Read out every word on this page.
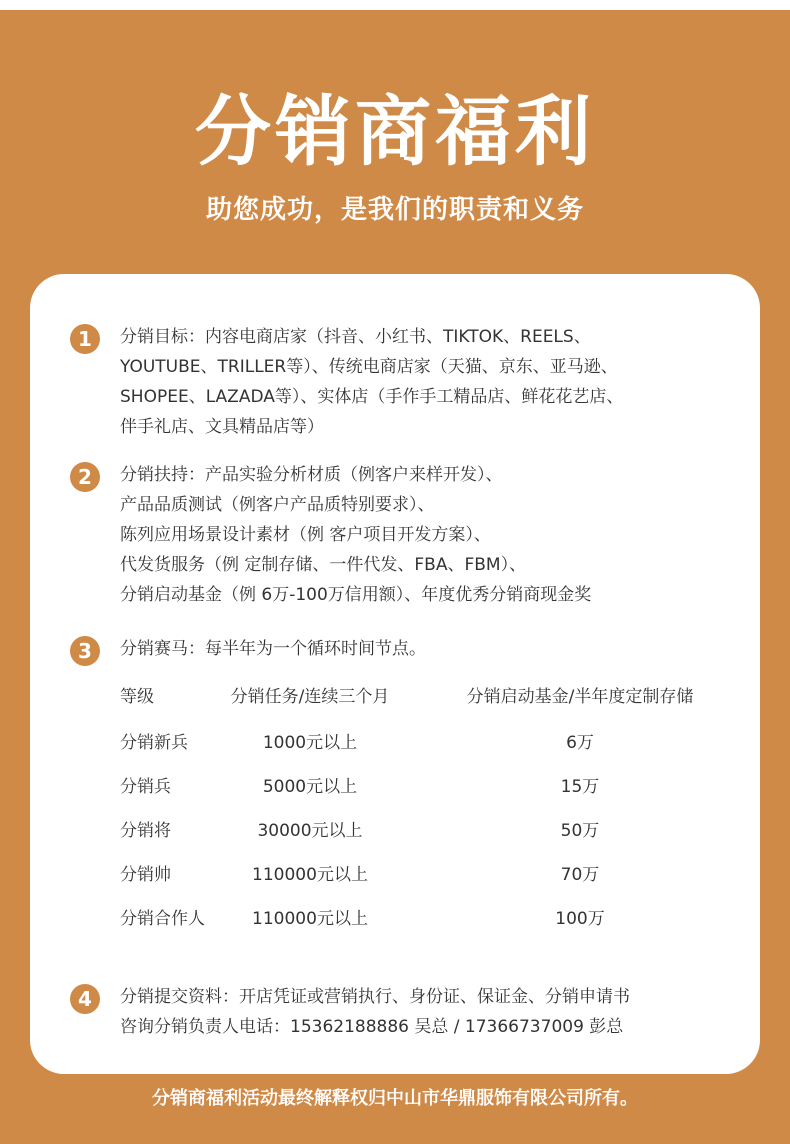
分销商福利
助您成功，是我们的职责和义务
1	分销目标：内容电商店家（抖音、小红书、TIKTOK、REELS、
YOUTUBE、TRILLER等）、传统电商店家（天猫、京东、亚马逊、
SHOPEE、LAZADA等）、实体店（手作手工精品店、鲜花花艺店、
伴手礼店、文具精品店等）
2	分销扶持：产品实验分析材质（例客户来样开发）、
产品品质测试（例客户产品质特别要求）、
陈列应用场景设计素材（例 客户项目开发方案）、
代发货服务（例 定制存储、一件代发、FBA、FBM）、
分销启动基金（例 6万-100万信用额）、年度优秀分销商现金奖
3	分销赛马：每半年为一个循环时间节点。
等级	分销任务/连续三个月	分销启动基金/半年度定制存储
分销新兵	1000元以上	6万
分销兵	5000元以上	15万
分销将	30000元以上	50万
分销帅	110000元以上	70万
分销合作人	110000元以上	100万
4	分销提交资料：开店凭证或营销执行、身份证、保证金、分销申请书
咨询分销负责人电话：15362188886 吴总 / 17366737009 彭总
分销商福利活动最终解释权归中山市华鼎服饰有限公司所有。
